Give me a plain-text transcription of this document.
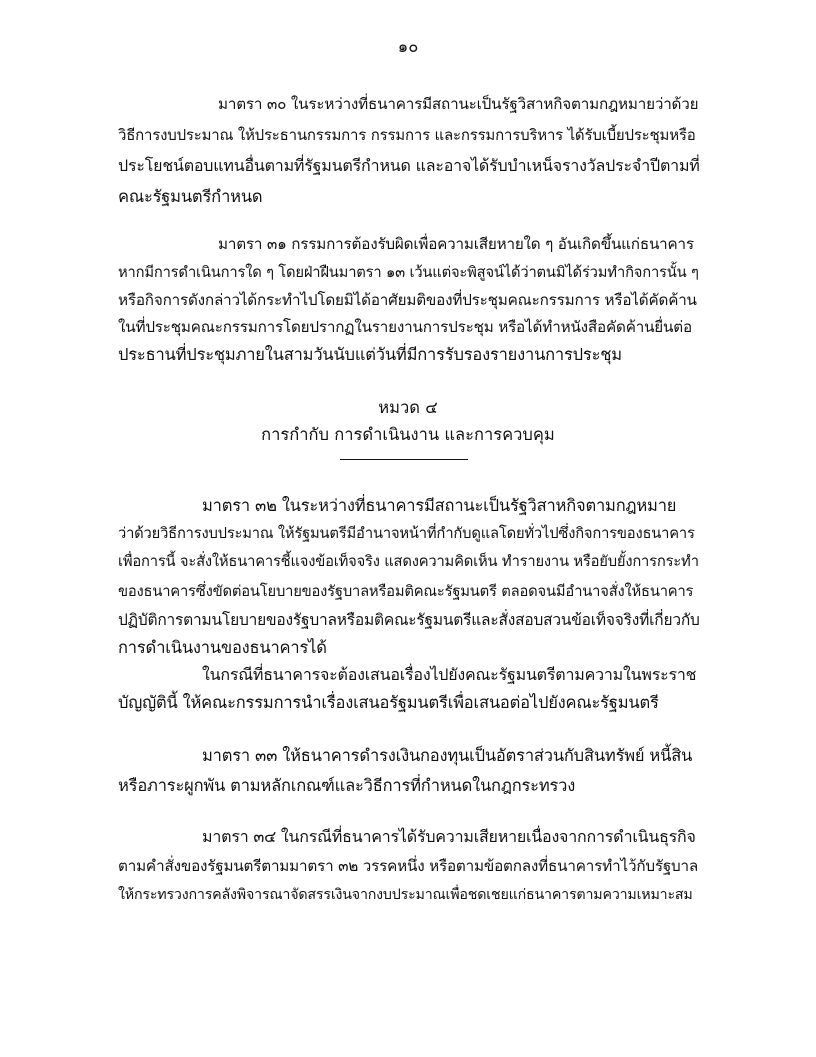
๑๐
มาตรา ๓๐ ในระหว่างที่ธนาคารมีสถานะเป็นรัฐวิสาหกิจตามกฎหมายว่าด้วย
วิธีการงบประมาณ ให้ประธานกรรมการ กรรมการ และกรรมการบริหาร ได้รับเบี้ยประชุมหรือ
ประโยชน์ตอบแทนอื่นตามที่รัฐมนตรีกำหนด และอาจได้รับบำเหน็จรางวัลประจำปีตามที่
คณะรัฐมนตรีกำหนด
มาตรา ๓๑ กรรมการต้องรับผิดเพื่อความเสียหายใด ๆ อันเกิดขึ้นแก่ธนาคาร
หากมีการดำเนินการใด ๆ โดยฝ่าฝืนมาตรา ๑๓ เว้นแต่จะพิสูจน์ได้ว่าตนมิได้ร่วมทำกิจการนั้น ๆ
หรือกิจการดังกล่าวได้กระทำไปโดยมิได้อาศัยมติของที่ประชุมคณะกรรมการ หรือได้คัดค้าน
ในที่ประชุมคณะกรรมการโดยปรากฏในรายงานการประชุม หรือได้ทำหนังสือคัดค้านยื่นต่อ
ประธานที่ประชุมภายในสามวันนับแต่วันที่มีการรับรองรายงานการประชุม
หมวด ๔
การกำกับ การดำเนินงาน และการควบคุม
มาตรา ๓๒ ในระหว่างที่ธนาคารมีสถานะเป็นรัฐวิสาหกิจตามกฎหมาย
ว่าด้วยวิธีการงบประมาณ ให้รัฐมนตรีมีอำนาจหน้าที่กำกับดูแลโดยทั่วไปซึ่งกิจการของธนาคาร
เพื่อการนี้ จะสั่งให้ธนาคารชี้แจงข้อเท็จจริง แสดงความคิดเห็น ทำรายงาน หรือยับยั้งการกระทำ
ของธนาคารซึ่งขัดต่อนโยบายของรัฐบาลหรือมติคณะรัฐมนตรี ตลอดจนมีอำนาจสั่งให้ธนาคาร
ปฏิบัติการตามนโยบายของรัฐบาลหรือมติคณะรัฐมนตรีและสั่งสอบสวนข้อเท็จจริงที่เกี่ยวกับ
การดำเนินงานของธนาคารได้
ในกรณีที่ธนาคารจะต้องเสนอเรื่องไปยังคณะรัฐมนตรีตามความในพระราช
บัญญัตินี้ ให้คณะกรรมการนำเรื่องเสนอรัฐมนตรีเพื่อเสนอต่อไปยังคณะรัฐมนตรี
มาตรา ๓๓ ให้ธนาคารดำรงเงินกองทุนเป็นอัตราส่วนกับสินทรัพย์ หนี้สิน
หรือภาระผูกพัน ตามหลักเกณฑ์และวิธีการที่กำหนดในกฎกระทรวง
มาตรา ๓๔ ในกรณีที่ธนาคารได้รับความเสียหายเนื่องจากการดำเนินธุรกิจ
ตามคำสั่งของรัฐมนตรีตามมาตรา ๓๒ วรรคหนึ่ง หรือตามข้อตกลงที่ธนาคารทำไว้กับรัฐบาล
ให้กระทรวงการคลังพิจารณาจัดสรรเงินจากงบประมาณเพื่อชดเชยแก่ธนาคารตามความเหมาะสม
